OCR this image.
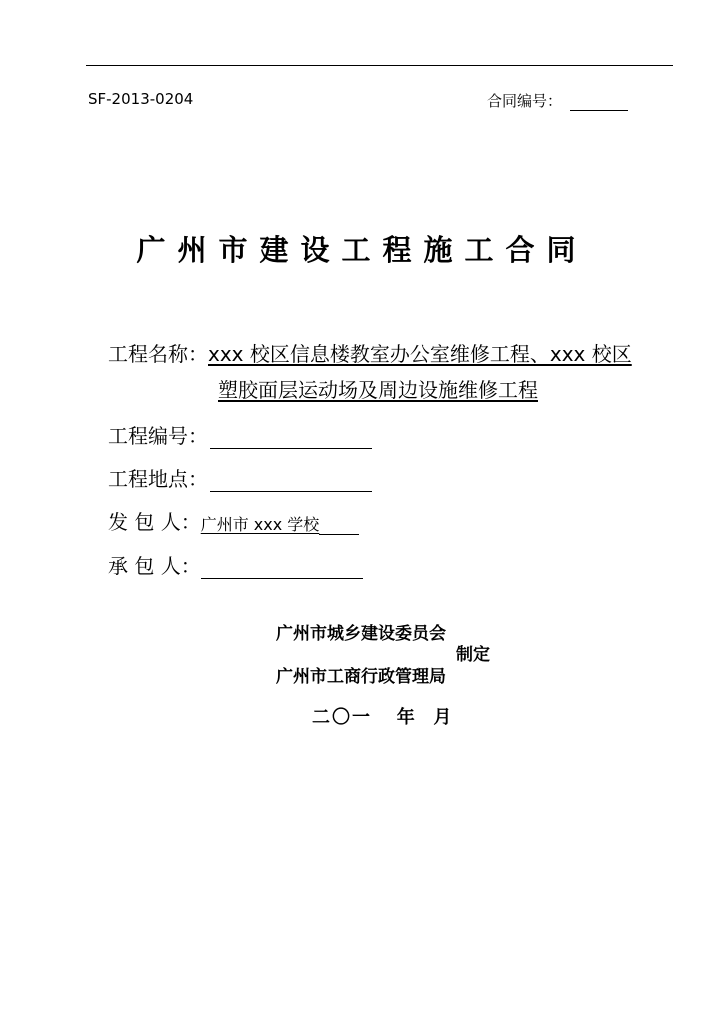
SF-2013-0204	合同编号：
广州市建设工程施工合同
工程名称： xxx 校区信息楼教室办公室维修工程、xxx 校区
塑胶面层运动场及周边设施维修工程
工程编号：
工程地点：
发 包 人： 广州市 xxx 学校
承 包 人：
广州市城乡建设委员会
制定
广州市工商行政管理局
二〇一   年  月
